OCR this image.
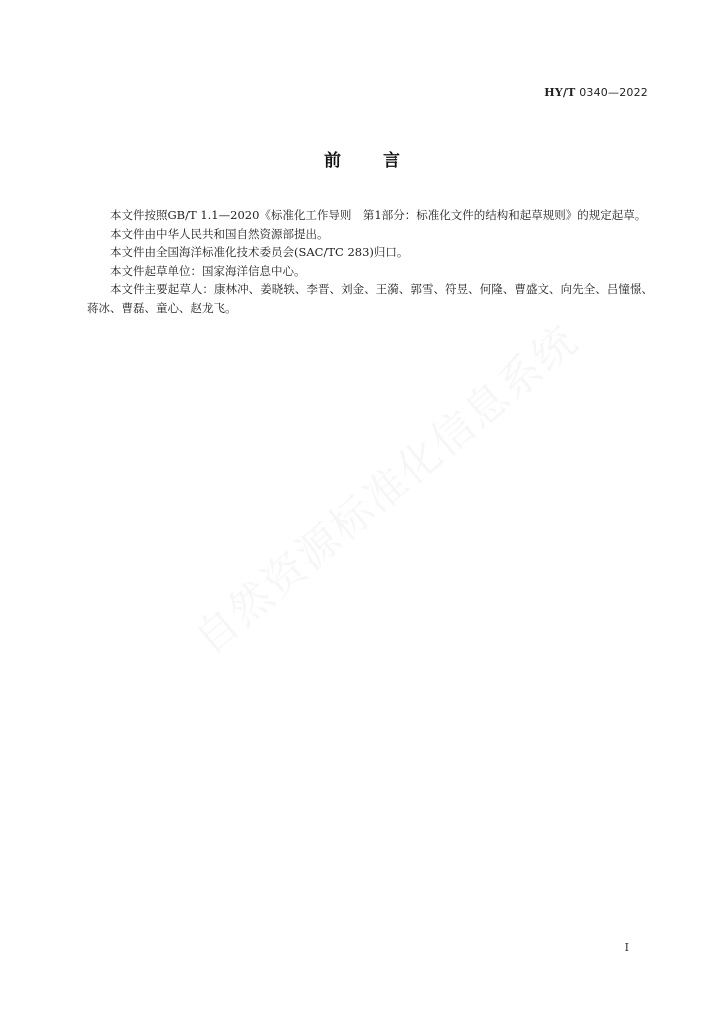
HY/T 0340—2022
前 言

本文件按照GB/T 1.1—2020《标准化工作导则　第1部分：标准化文件的结构和起草规则》的规定起草。

本文件由中华人民共和国自然资源部提出。

本文件由全国海洋标准化技术委员会(SAC/TC 283)归口。

本文件起草单位：国家海洋信息中心。

本文件主要起草人：康林冲、姜晓轶、李晋、刘金、王漪、郭雪、符昱、何隆、曹盛文、向先全、吕憧憬、蒋冰、曹磊、童心、赵龙飞。

自然资源标准化信息系统
I
